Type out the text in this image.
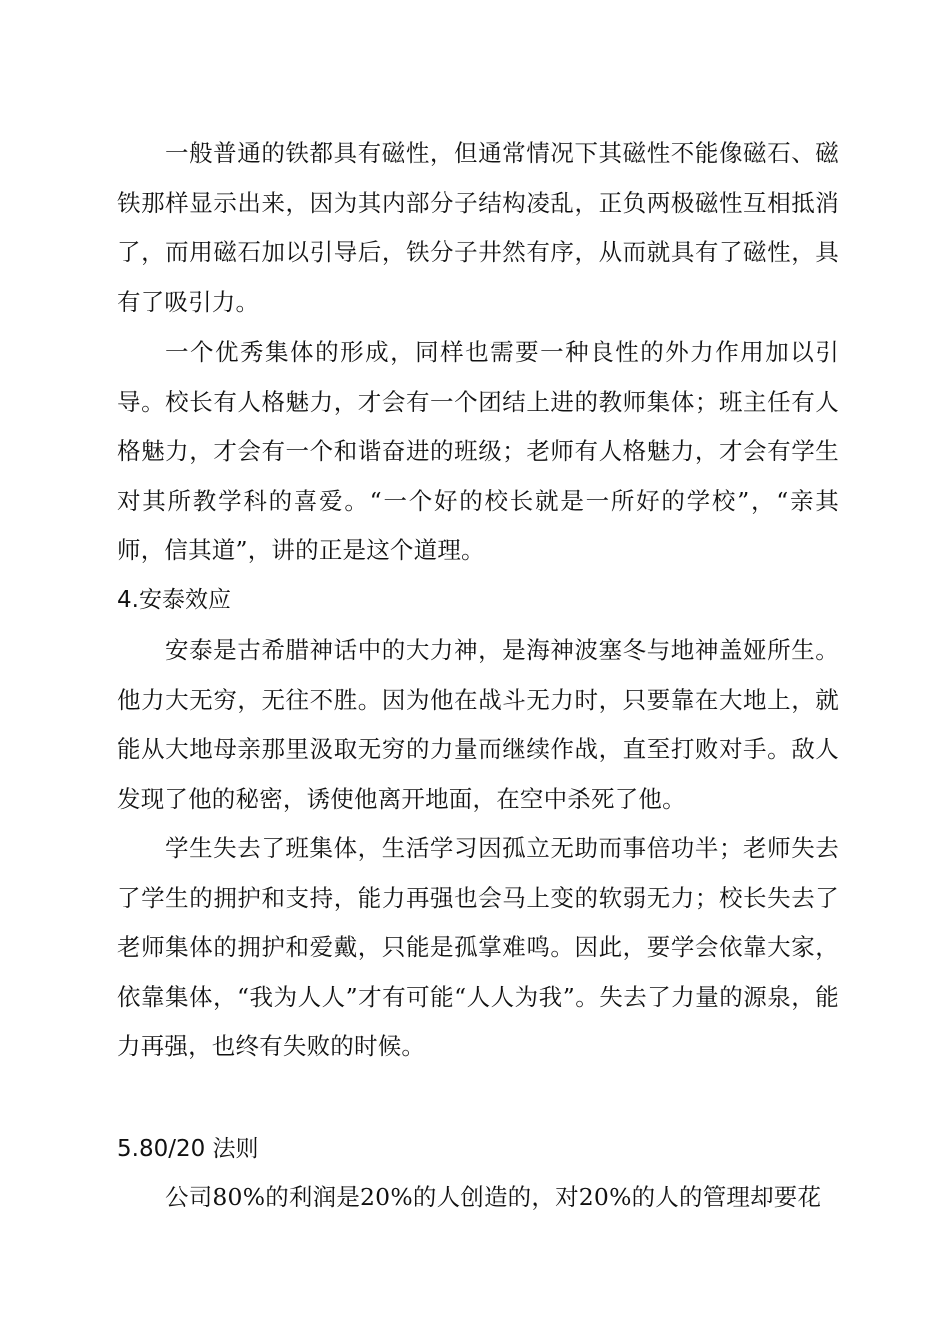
一般普通的铁都具有磁性，但通常情况下其磁性不能像磁石、磁铁那样显示出来，因为其内部分子结构凌乱，正负两极磁性互相抵消了，而用磁石加以引导后，铁分子井然有序，从而就具有了磁性，具有了吸引力。

一个优秀集体的形成，同样也需要一种良性的外力作用加以引导。校长有人格魅力，才会有一个团结上进的教师集体；班主任有人格魅力，才会有一个和谐奋进的班级；老师有人格魅力，才会有学生对其所教学科的喜爱。“一个好的校长就是一所好的学校”，“亲其师，信其道”，讲的正是这个道理。

4.安泰效应

安泰是古希腊神话中的大力神，是海神波塞冬与地神盖娅所生。他力大无穷，无往不胜。因为他在战斗无力时，只要靠在大地上，就能从大地母亲那里汲取无穷的力量而继续作战，直至打败对手。敌人发现了他的秘密，诱使他离开地面，在空中杀死了他。

学生失去了班集体，生活学习因孤立无助而事倍功半；老师失去了学生的拥护和支持，能力再强也会马上变的软弱无力；校长失去了老师集体的拥护和爱戴，只能是孤掌难鸣。因此，要学会依靠大家，依靠集体，“我为人人”才有可能“人人为我”。失去了力量的源泉，能力再强，也终有失败的时候。

5.80/20 法则

公司80%的利润是20%的人创造的，对20%的人的管理却要花
